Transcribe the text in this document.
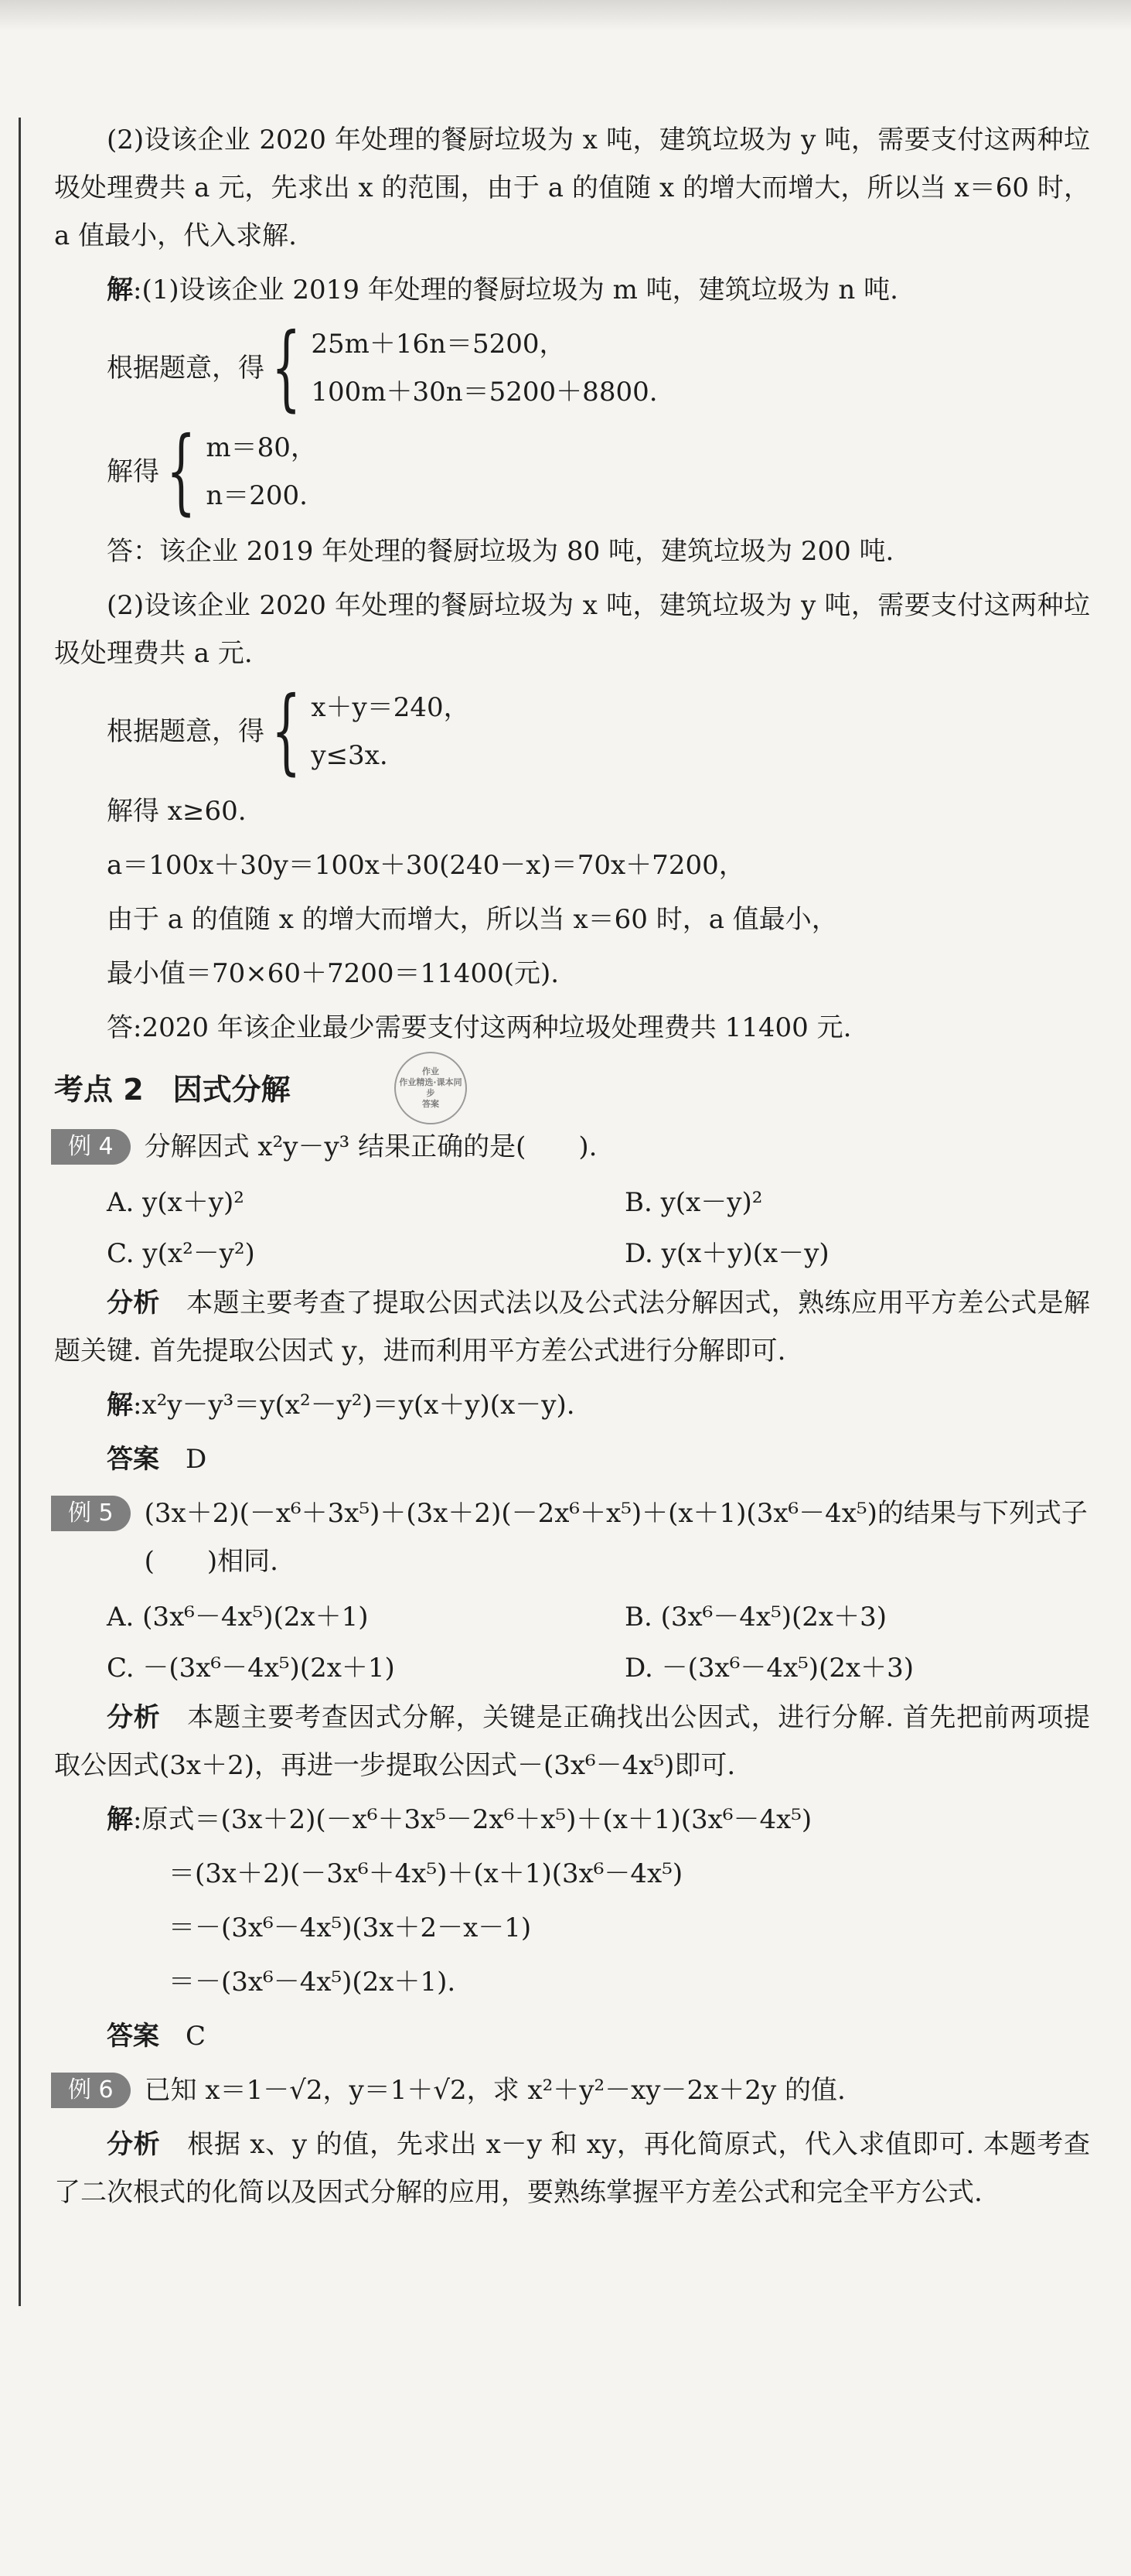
(2)设该企业 2020 年处理的餐厨垃圾为 x 吨，建筑垃圾为 y 吨，需要支付这两种垃圾处理费共 a 元，先求出 x 的范围，由于 a 的值随 x 的增大而增大，所以当 x＝60 时，a 值最小，代入求解.

解:(1)设该企业 2019 年处理的餐厨垃圾为 m 吨，建筑垃圾为 n 吨.

根据题意，得 { 25m＋16n＝5200，
100m＋30n＝5200＋8800.
解得 { m＝80，
n＝200.

答：该企业 2019 年处理的餐厨垃圾为 80 吨，建筑垃圾为 200 吨.

(2)设该企业 2020 年处理的餐厨垃圾为 x 吨，建筑垃圾为 y 吨，需要支付这两种垃圾处理费共 a 元.

根据题意，得 { x＋y＝240，
y≤3x.

解得 x≥60.

a＝100x＋30y＝100x＋30(240－x)＝70x＋7200，

由于 a 的值随 x 的增大而增大，所以当 x＝60 时，a 值最小，

最小值＝70×60＋7200＝11400(元).

答:2020 年该企业最少需要支付这两种垃圾处理费共 11400 元.

考点 2　因式分解
作业
作业精选·课本同步
答案
例 4	分解因式 x²y－y³ 结果正确的是(　　).
A. y(x＋y)²	B. y(x－y)²
C. y(x²－y²)	D. y(x＋y)(x－y)

分析　 本题主要考查了提取公因式法以及公式法分解因式，熟练应用平方差公式是解题关键. 首先提取公因式 y，进而利用平方差公式进行分解即可.

解:x²y－y³＝y(x²－y²)＝y(x＋y)(x－y).

答案　 D

例 5	(3x＋2)(－x⁶＋3x⁵)＋(3x＋2)(－2x⁶＋x⁵)＋(x＋1)(3x⁶－4x⁵)的结果与下列式子(　　)相同.
A. (3x⁶－4x⁵)(2x＋1)	B. (3x⁶－4x⁵)(2x＋3)
C. －(3x⁶－4x⁵)(2x＋1)	D. －(3x⁶－4x⁵)(2x＋3)

分析　 本题主要考查因式分解，关键是正确找出公因式，进行分解. 首先把前两项提取公因式(3x＋2)，再进一步提取公因式－(3x⁶－4x⁵)即可.

解:原式＝(3x＋2)(－x⁶＋3x⁵－2x⁶＋x⁵)＋(x＋1)(3x⁶－4x⁵)

＝(3x＋2)(－3x⁶＋4x⁵)＋(x＋1)(3x⁶－4x⁵)

＝－(3x⁶－4x⁵)(3x＋2－x－1)

＝－(3x⁶－4x⁵)(2x＋1).

答案　 C

例 6	已知 x＝1－√2，y＝1＋√2，求 x²＋y²－xy－2x＋2y 的值.

分析　 根据 x、y 的值，先求出 x－y 和 xy，再化简原式，代入求值即可. 本题考查了二次根式的化简以及因式分解的应用，要熟练掌握平方差公式和完全平方公式.
